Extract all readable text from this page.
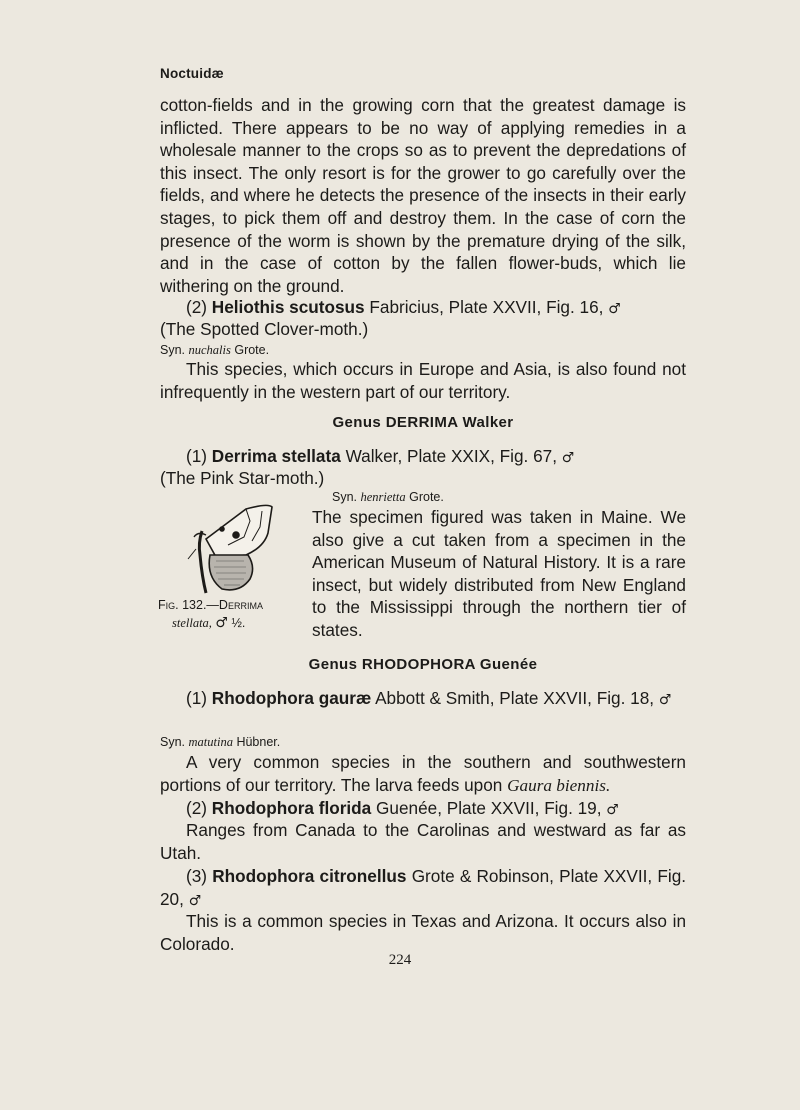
Noctuidæ
cotton-fields and in the growing corn that the greatest damage is inflicted. There appears to be no way of applying remedies in a wholesale manner to the crops so as to prevent the depredations of this insect. The only resort is for the grower to go carefully over the fields, and where he detects the presence of the insects in their early stages, to pick them off and destroy them. In the case of corn the presence of the worm is shown by the premature drying of the silk, and in the case of cotton by the fallen flower-buds, which lie withering on the ground.
(2) Heliothis scutosus Fabricius, Plate XXVII, Fig. 16, ♂
(The Spotted Clover-moth.)
Syn. nuchalis Grote.
This species, which occurs in Europe and Asia, is also found not infrequently in the western part of our territory.
Genus DERRIMA Walker
(1) Derrima stellata Walker, Plate XXIX, Fig. 67, ♂
(The Pink Star-moth.)
Syn. henrietta Grote.
Fig. 132.—Derrima
stellata, ♂ ½.
The specimen figured was taken in Maine. We also give a cut taken from a specimen in the American Museum of Natural History. It is a rare insect, but widely distributed from New England to the Mississippi through the northern tier of states.
Genus RHODOPHORA Guenée
(1) Rhodophora gauræ Abbott & Smith, Plate XXVII, Fig. 18, ♂
Syn. matutina Hübner.
A very common species in the southern and southwestern portions of our territory. The larva feeds upon Gaura biennis.
(2) Rhodophora florida Guenée, Plate XXVII, Fig. 19, ♂
Ranges from Canada to the Carolinas and westward as far as Utah.
(3) Rhodophora citronellus Grote & Robinson, Plate XXVII, Fig. 20, ♂
This is a common species in Texas and Arizona. It occurs also in Colorado.
224
